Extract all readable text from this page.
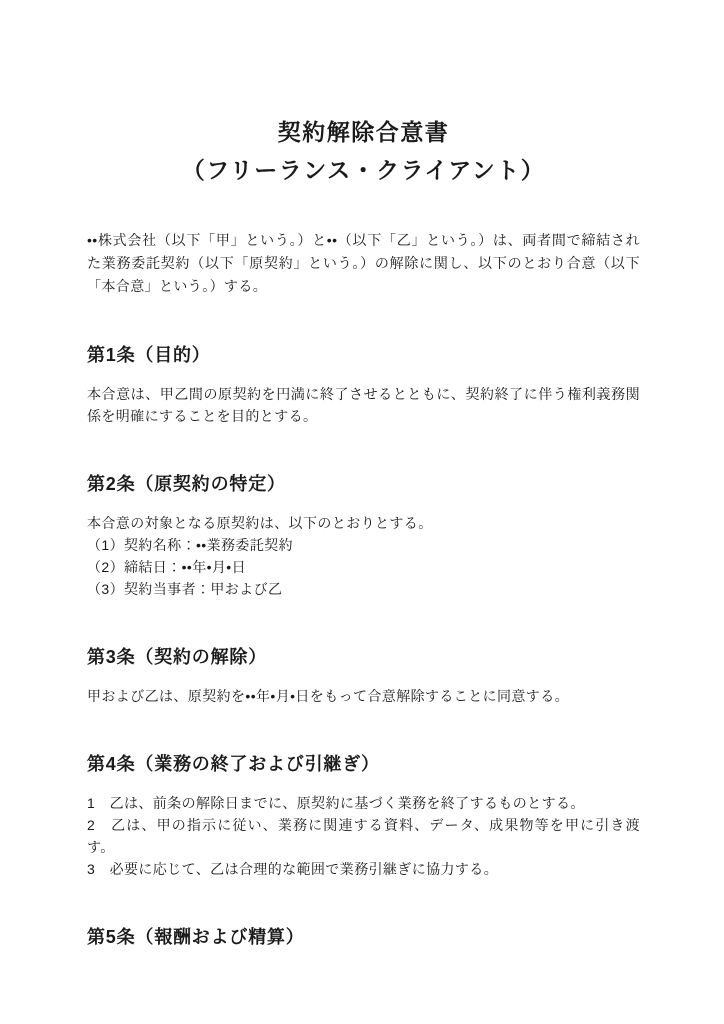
契約解除合意書
（フリーランス・クライアント）

••株式会社（以下「甲」という。）と••（以下「乙」という。）は、両者間で締結された業務委託契約（以下「原契約」という。）の解除に関し、以下のとおり合意（以下「本合意」という。）する。

第1条（目的）

本合意は、甲乙間の原契約を円満に終了させるとともに、契約終了に伴う権利義務関係を明確にすることを目的とする。

第2条（原契約の特定）

本合意の対象となる原契約は、以下のとおりとする。

（1）契約名称：••業務委託契約

（2）締結日：••年•月•日

（3）契約当事者：甲および乙

第3条（契約の解除）

甲および乙は、原契約を••年•月•日をもって合意解除することに同意する。

第4条（業務の終了および引継ぎ）

1　乙は、前条の解除日までに、原契約に基づく業務を終了するものとする。

2　乙は、甲の指示に従い、業務に関連する資料、データ、成果物等を甲に引き渡す。

3　必要に応じて、乙は合理的な範囲で業務引継ぎに協力する。

第5条（報酬および精算）
